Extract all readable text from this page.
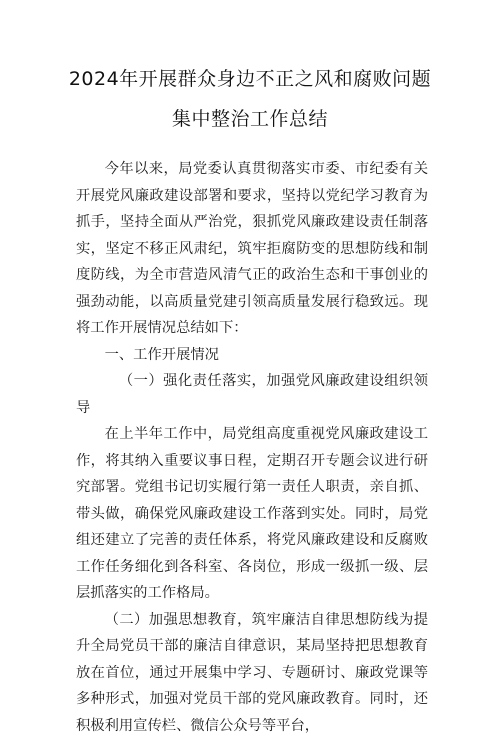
2024年开展群众身边不正之风和腐败问题
集中整治工作总结

今年以来，局党委认真贯彻落实市委、市纪委有关开展党风廉政建设部署和要求，坚持以党纪学习教育为抓手，坚持全面从严治党，狠抓党风廉政建设责任制落实，坚定不移正风肃纪，筑牢拒腐防变的思想防线和制度防线，为全市营造风清气正的政治生态和干事创业的强劲动能，以高质量党建引领高质量发展行稳致远。现将工作开展情况总结如下：

一、工作开展情况

（一）强化责任落实，加强党风廉政建设组织领导

在上半年工作中，局党组高度重视党风廉政建设工作，将其纳入重要议事日程，定期召开专题会议进行研究部署。党组书记切实履行第一责任人职责，亲自抓、带头做，确保党风廉政建设工作落到实处。同时，局党组还建立了完善的责任体系，将党风廉政建设和反腐败工作任务细化到各科室、各岗位，形成一级抓一级、层层抓落实的工作格局。

（二）加强思想教育，筑牢廉洁自律思想防线为提升全局党员干部的廉洁自律意识，某局坚持把思想教育放在首位，通过开展集中学习、专题研讨、廉政党课等多种形式，加强对党员干部的党风廉政教育。同时，还积极利用宣传栏、微信公众号等平台，
